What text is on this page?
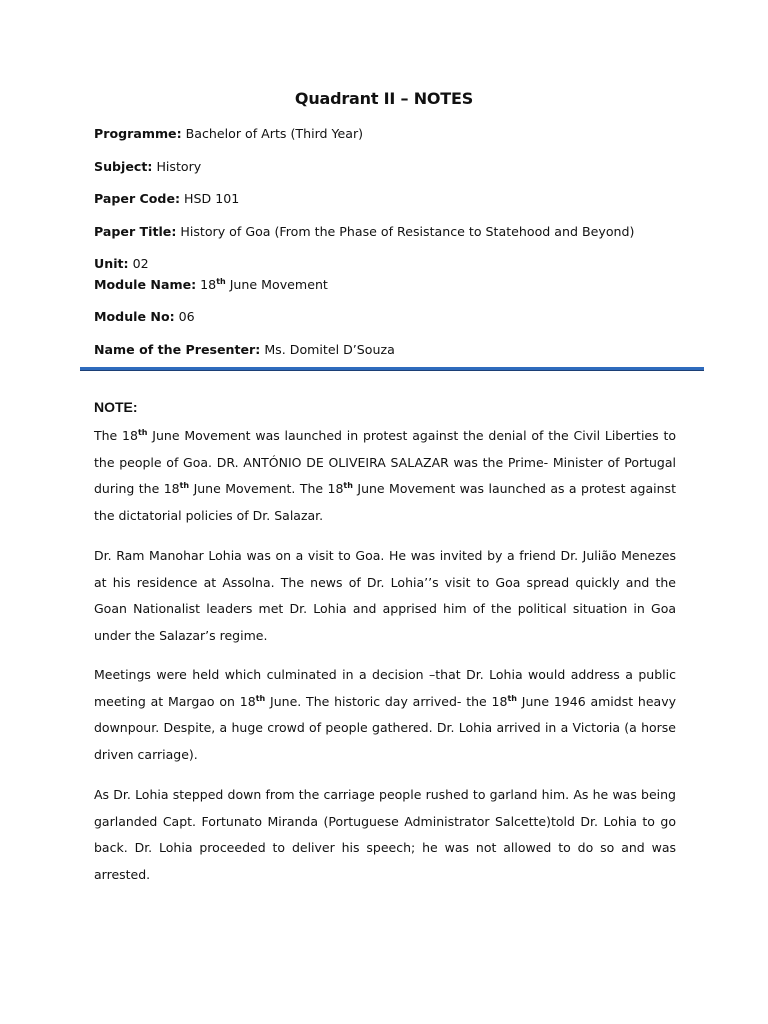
Quadrant II – NOTES
Programme: Bachelor of Arts (Third Year)
Subject: History
Paper Code: HSD 101
Paper Title: History of Goa (From the Phase of Resistance to Statehood and Beyond)
Unit: 02
Module Name: 18th June Movement
Module No: 06
Name of the Presenter: Ms. Domitel D’Souza
NOTE:

The 18th June Movement was launched in protest against the denial of the Civil Liberties to the people of Goa. DR. ANTÓNIO DE OLIVEIRA SALAZAR was the Prime- Minister of Portugal during the 18th June Movement. The 18th June Movement was launched as a protest against the dictatorial policies of Dr. Salazar.

Dr. Ram Manohar Lohia was on a visit to Goa. He was invited by a friend Dr. Julião Menezes at his residence at Assolna. The news of Dr. Lohia’’s visit to Goa spread quickly and the Goan Nationalist leaders met Dr. Lohia and apprised him of the political situation in Goa under the Salazar’s regime.

Meetings were held which culminated in a decision –that Dr. Lohia would address a public meeting at Margao on 18th June. The historic day arrived- the 18th June 1946 amidst heavy downpour. Despite, a huge crowd of people gathered. Dr. Lohia arrived in a Victoria (a horse driven carriage).

As Dr. Lohia stepped down from the carriage people rushed to garland him. As he was being garlanded Capt. Fortunato Miranda (Portuguese Administrator Salcette)told Dr. Lohia to go back. Dr. Lohia proceeded to deliver his speech; he was not allowed to do so and was arrested.
